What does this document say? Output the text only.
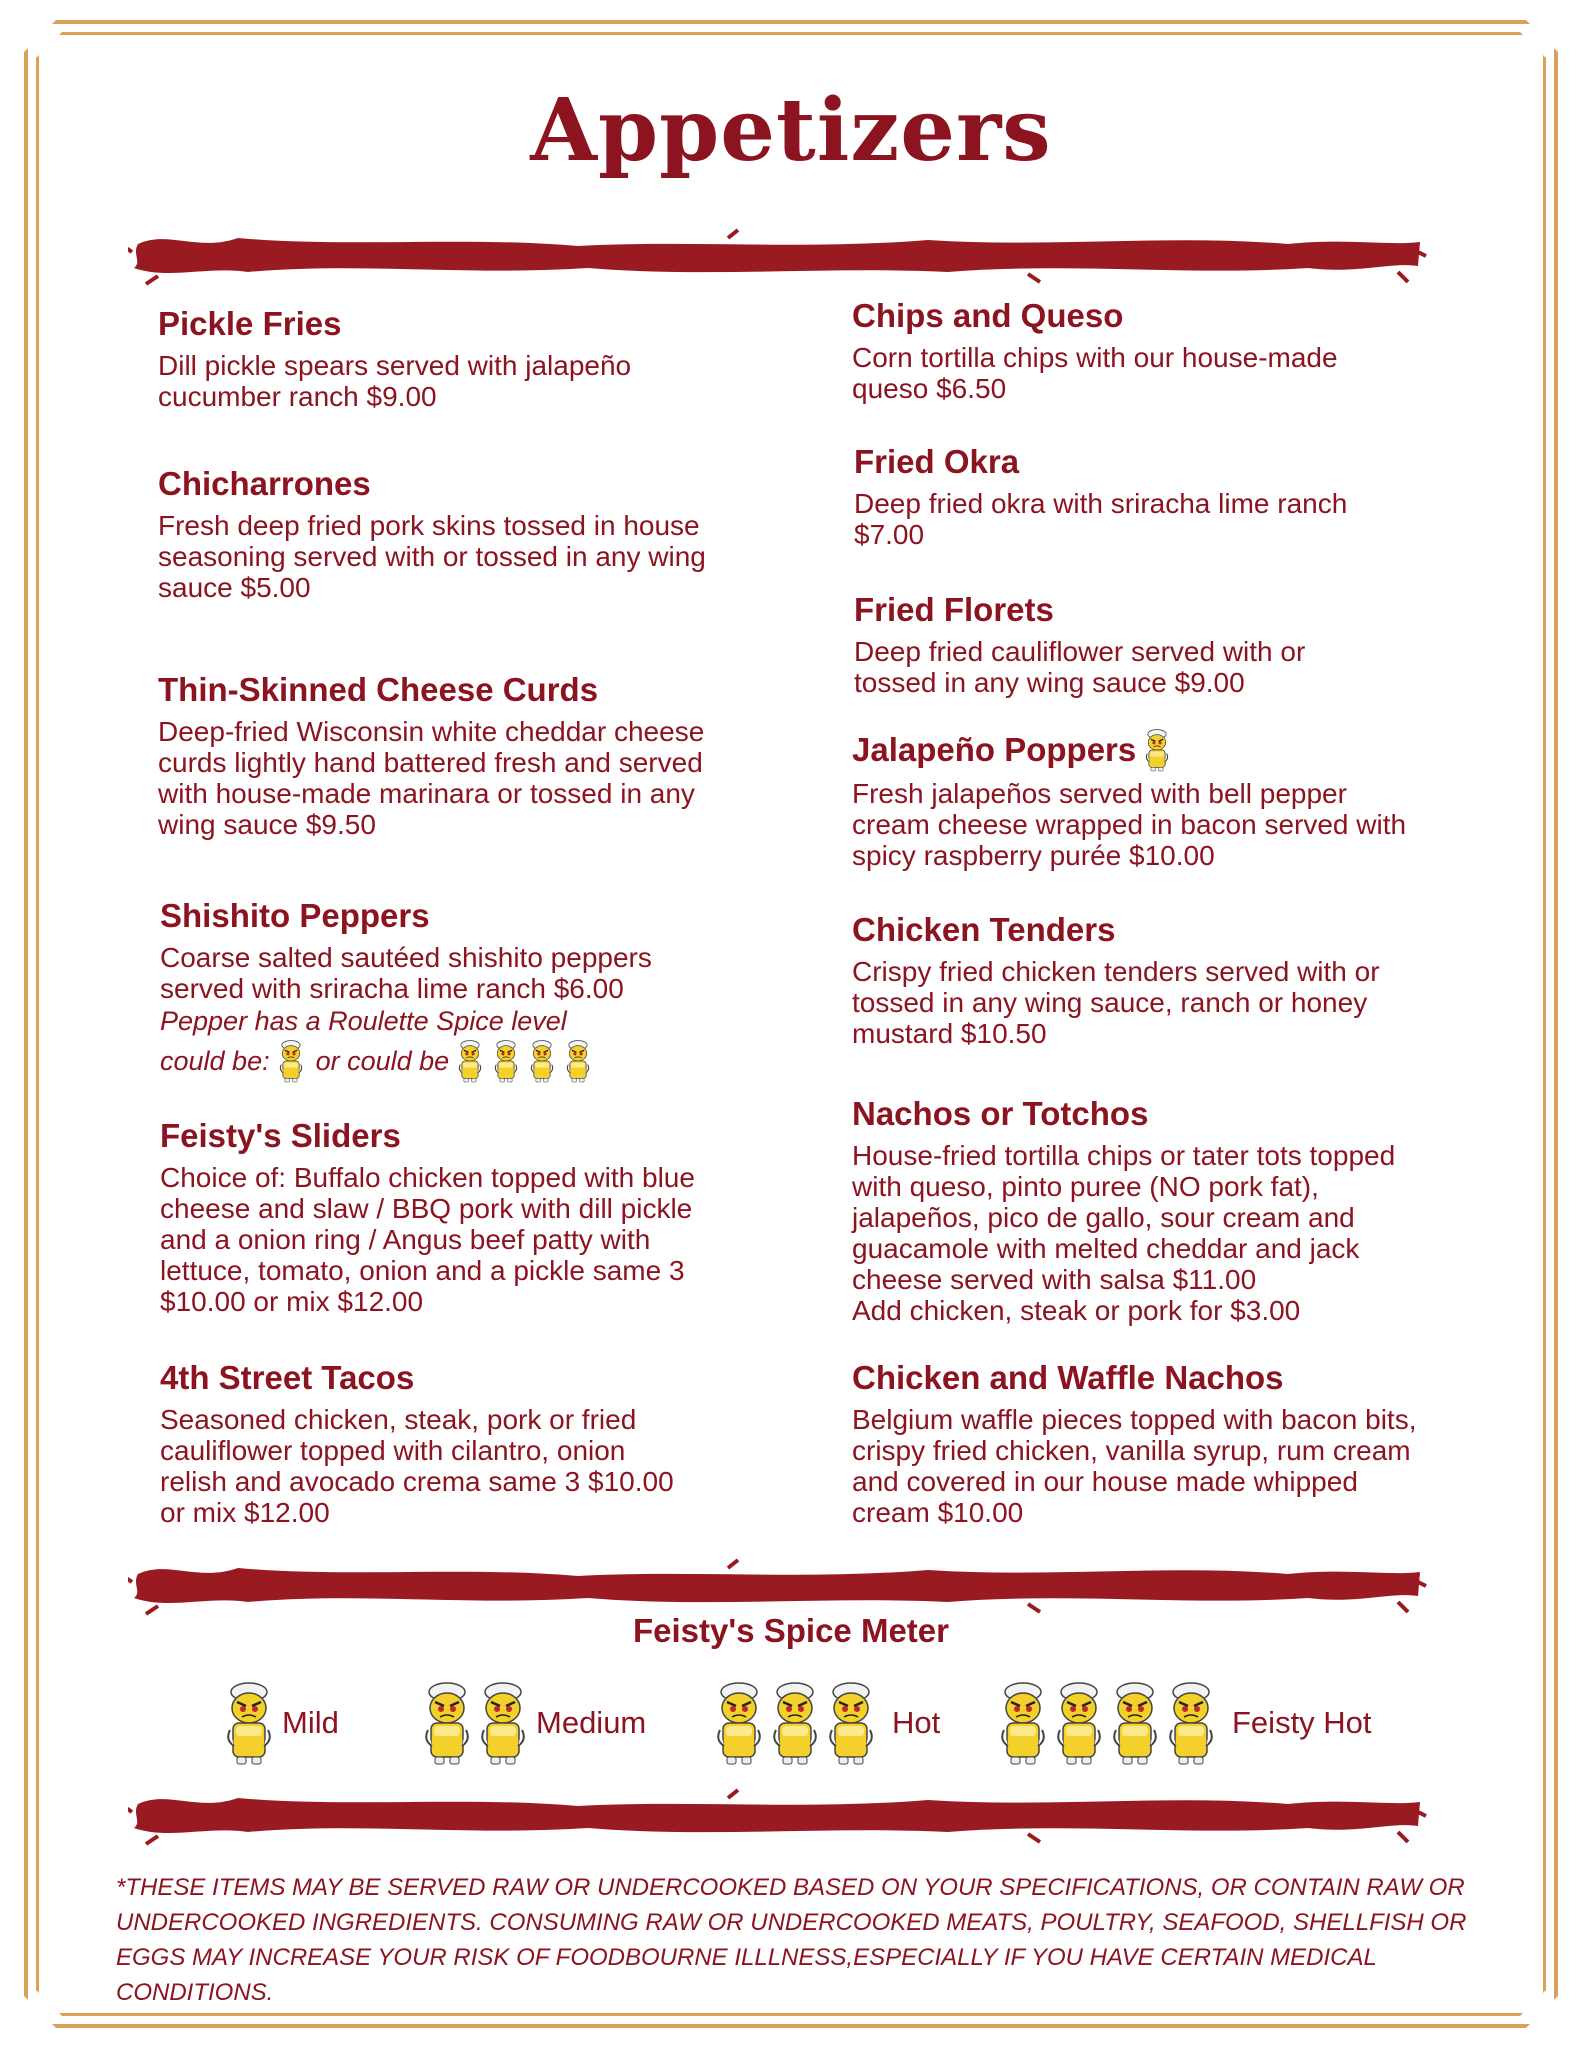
Appetizers
Pickle Fries

Dill pickle spears served with jalapeño cucumber ranch $9.00

Chicharrones

Fresh deep fried pork skins tossed in house seasoning served with or tossed in any wing sauce $5.00

Thin-Skinned Cheese Curds

Deep-fried Wisconsin white cheddar cheese curds lightly hand battered fresh and served with house-made marinara or tossed in any wing sauce $9.50

Shishito Peppers

Coarse salted sautéed shishito peppers served with sriracha lime ranch $6.00

Pepper has a Roulette Spice level
could be: or could be
Feisty's Sliders

Choice of: Buffalo chicken topped with blue cheese and slaw / BBQ pork with dill pickle and a onion ring / Angus beef patty with lettuce, tomato, onion and a pickle same 3 $10.00 or mix $12.00

4th Street Tacos

Seasoned chicken, steak, pork or fried cauliflower topped with cilantro, onion relish and avocado crema same 3 $10.00 or mix $12.00

Chips and Queso

Corn tortilla chips with our house-made queso $6.50

Fried Okra

Deep fried okra with sriracha lime ranch $7.00

Fried Florets

Deep fried cauliflower served with or tossed in any wing sauce $9.00

Jalapeño Poppers

Fresh jalapeños served with bell pepper cream cheese wrapped in bacon served with spicy raspberry purée $10.00

Chicken Tenders

Crispy fried chicken tenders served with or tossed in any wing sauce, ranch or honey mustard $10.50

Nachos or Totchos

House-fried tortilla chips or tater tots topped with queso, pinto puree (NO pork fat), jalapeños, pico de gallo, sour cream and guacamole with melted cheddar and jack cheese served with salsa $11.00

Add chicken, steak or pork for $3.00

Chicken and Waffle Nachos

Belgium waffle pieces topped with bacon bits, crispy fried chicken, vanilla syrup, rum cream and covered in our house made whipped cream $10.00

Feisty's Spice Meter
Mild	Medium	Hot	Feisty Hot

*THESE ITEMS MAY BE SERVED RAW OR UNDERCOOKED BASED ON YOUR SPECIFICATIONS, OR CONTAIN RAW OR UNDERCOOKED INGREDIENTS. CONSUMING RAW OR UNDERCOOKED MEATS, POULTRY, SEAFOOD, SHELLFISH OR EGGS MAY INCREASE YOUR RISK OF FOODBOURNE ILLLNESS,ESPECIALLY IF YOU HAVE CERTAIN MEDICAL CONDITIONS.
